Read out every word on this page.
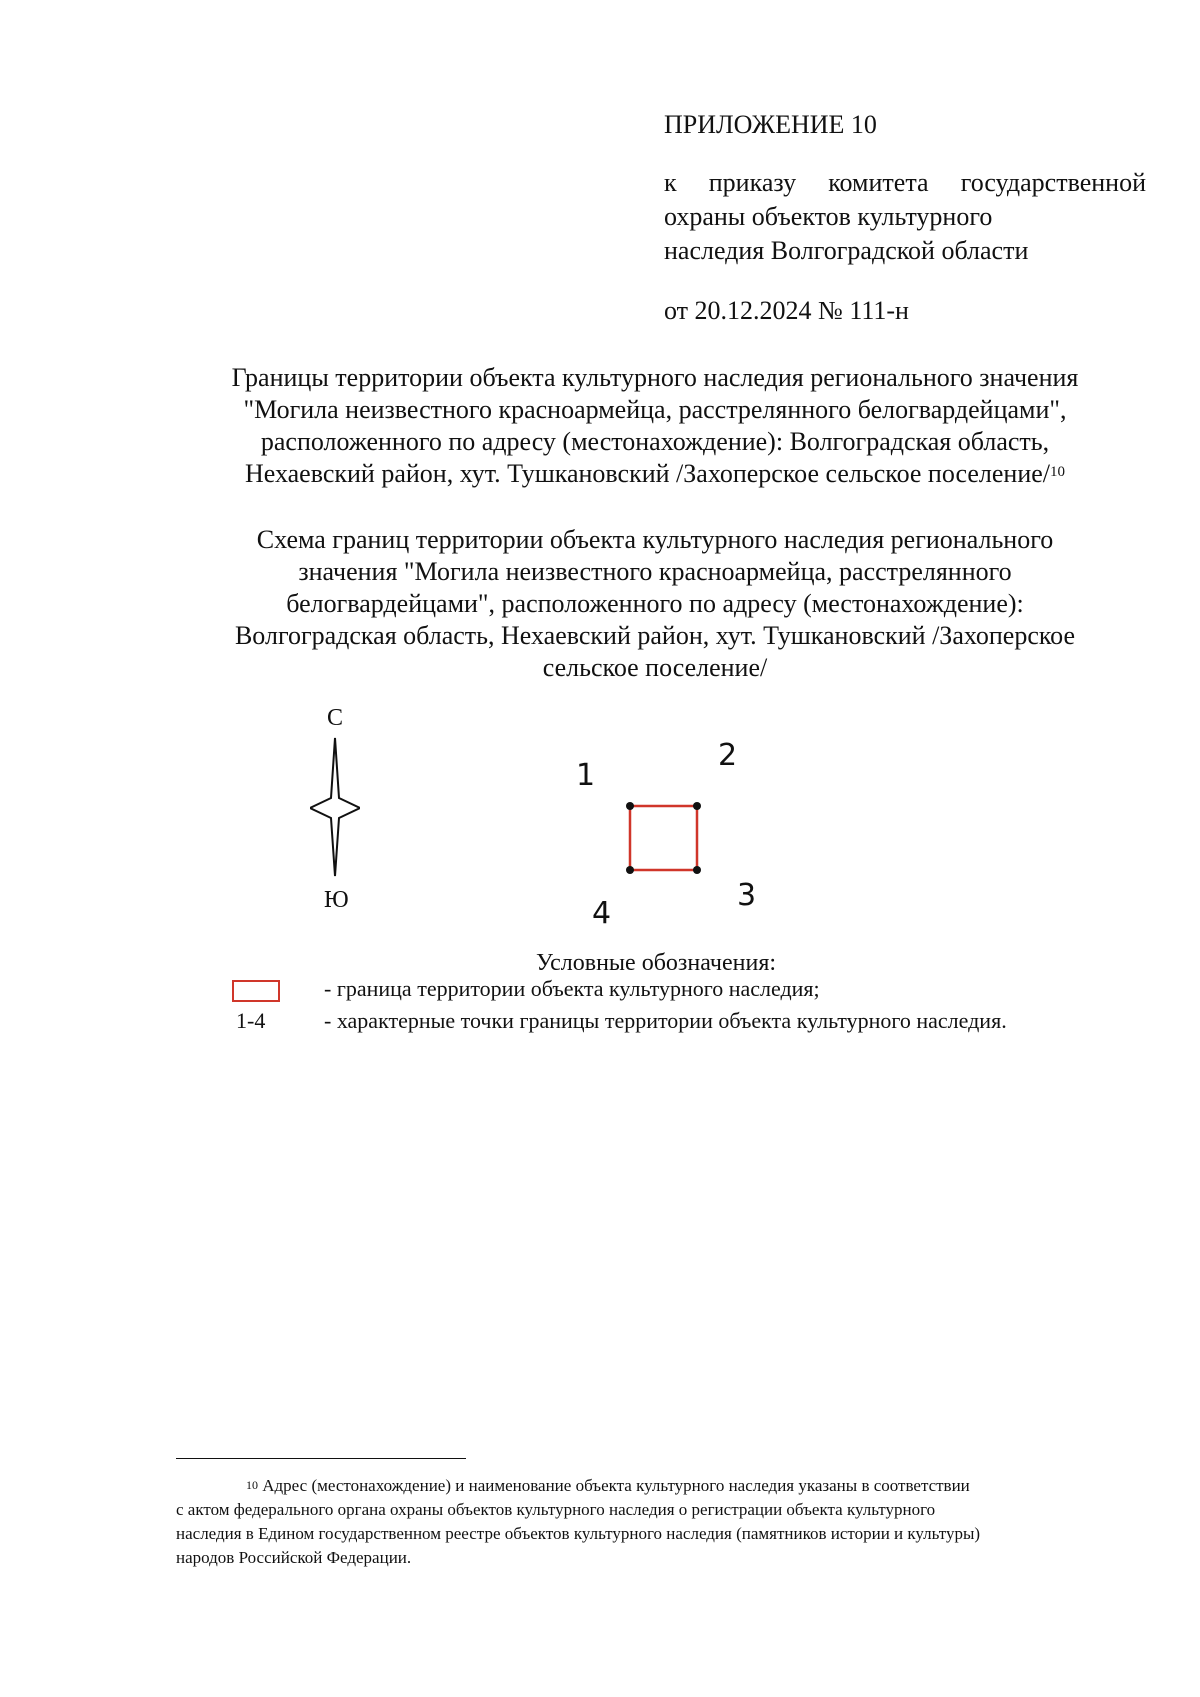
ПРИЛОЖЕНИЕ 10
к приказу комитета государственной
охраны объектов культурного
наследия Волгоградской области
от 20.12.2024 № 111-н
Границы территории объекта культурного наследия регионального значения
"Могила неизвестного красноармейца, расстрелянного белогвардейцами",
расположенного по адресу (местонахождение): Волгоградская область,
Нехаевский район, хут. Тушкановский /Захоперское сельское поселение/$^{10}$
Схема границ территории объекта культурного наследия регионального
значения "Могила неизвестного красноармейца, расстрелянного
белогвардейцами", расположенного по адресу (местонахождение):
Волгоградская область, Нехаевский район, хут. Тушкановский /Захоперское
сельское поселение/
С
Ю
1
2
3
4
Условные обозначения:
- граница территории объекта культурного наследия;
1-4	- характерные точки границы территории объекта культурного наследия.
$^{10}$ Адрес (местонахождение) и наименование объекта культурного наследия указаны в соответствии
с актом федерального органа охраны объектов культурного наследия о регистрации объекта культурного
наследия в Едином государственном реестре объектов культурного наследия (памятников истории и культуры)
народов Российской Федерации.
